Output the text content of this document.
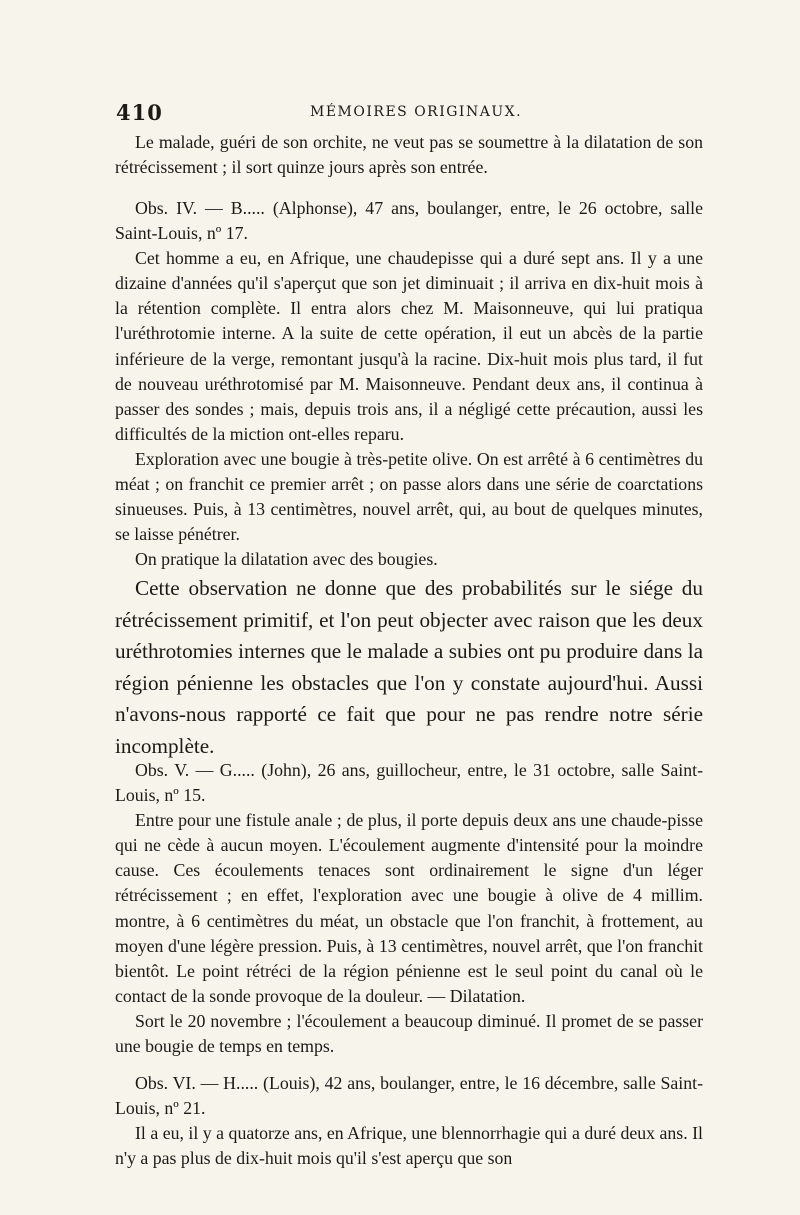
410	MÉMOIRES ORIGINAUX.

Le malade, guéri de son orchite, ne veut pas se soumettre à la dilatation de son rétrécissement ; il sort quinze jours après son entrée.

Obs. IV. — B..... (Alphonse), 47 ans, boulanger, entre, le 26 octobre, salle Saint-Louis, nº 17.

Cet homme a eu, en Afrique, une chaudepisse qui a duré sept ans. Il y a une dizaine d'années qu'il s'aperçut que son jet diminuait ; il arriva en dix-huit mois à la rétention complète. Il entra alors chez M. Maisonneuve, qui lui pratiqua l'uréthrotomie interne. A la suite de cette opération, il eut un abcès de la partie inférieure de la verge, remontant jusqu'à la racine. Dix-huit mois plus tard, il fut de nouveau uréthrotomisé par M. Maisonneuve. Pendant deux ans, il continua à passer des sondes ; mais, depuis trois ans, il a négligé cette précaution, aussi les difficultés de la miction ont-elles reparu.

Exploration avec une bougie à très-petite olive. On est arrêté à 6 centimètres du méat ; on franchit ce premier arrêt ; on passe alors dans une série de coarctations sinueuses. Puis, à 13 centimètres, nouvel arrêt, qui, au bout de quelques minutes, se laisse pénétrer.

On pratique la dilatation avec des bougies.

Cette observation ne donne que des probabilités sur le siége du rétrécissement primitif, et l'on peut objecter avec raison que les deux uréthrotomies internes que le malade a subies ont pu produire dans la région pénienne les obstacles que l'on y constate aujourd'hui. Aussi n'avons-nous rapporté ce fait que pour ne pas rendre notre série incomplète.

Obs. V. — G..... (John), 26 ans, guillocheur, entre, le 31 octobre, salle Saint-Louis, nº 15.

Entre pour une fistule anale ; de plus, il porte depuis deux ans une chaude-pisse qui ne cède à aucun moyen. L'écoulement augmente d'intensité pour la moindre cause. Ces écoulements tenaces sont ordinairement le signe d'un léger rétrécissement ; en effet, l'exploration avec une bougie à olive de 4 millim. montre, à 6 centimètres du méat, un obstacle que l'on franchit, à frottement, au moyen d'une légère pression. Puis, à 13 centimètres, nouvel arrêt, que l'on franchit bientôt. Le point rétréci de la région pénienne est le seul point du canal où le contact de la sonde provoque de la douleur. — Dilatation.

Sort le 20 novembre ; l'écoulement a beaucoup diminué. Il promet de se passer une bougie de temps en temps.

Obs. VI. — H..... (Louis), 42 ans, boulanger, entre, le 16 décembre, salle Saint-Louis, nº 21.

Il a eu, il y a quatorze ans, en Afrique, une blennorrhagie qui a duré deux ans. Il n'y a pas plus de dix-huit mois qu'il s'est aperçu que son
